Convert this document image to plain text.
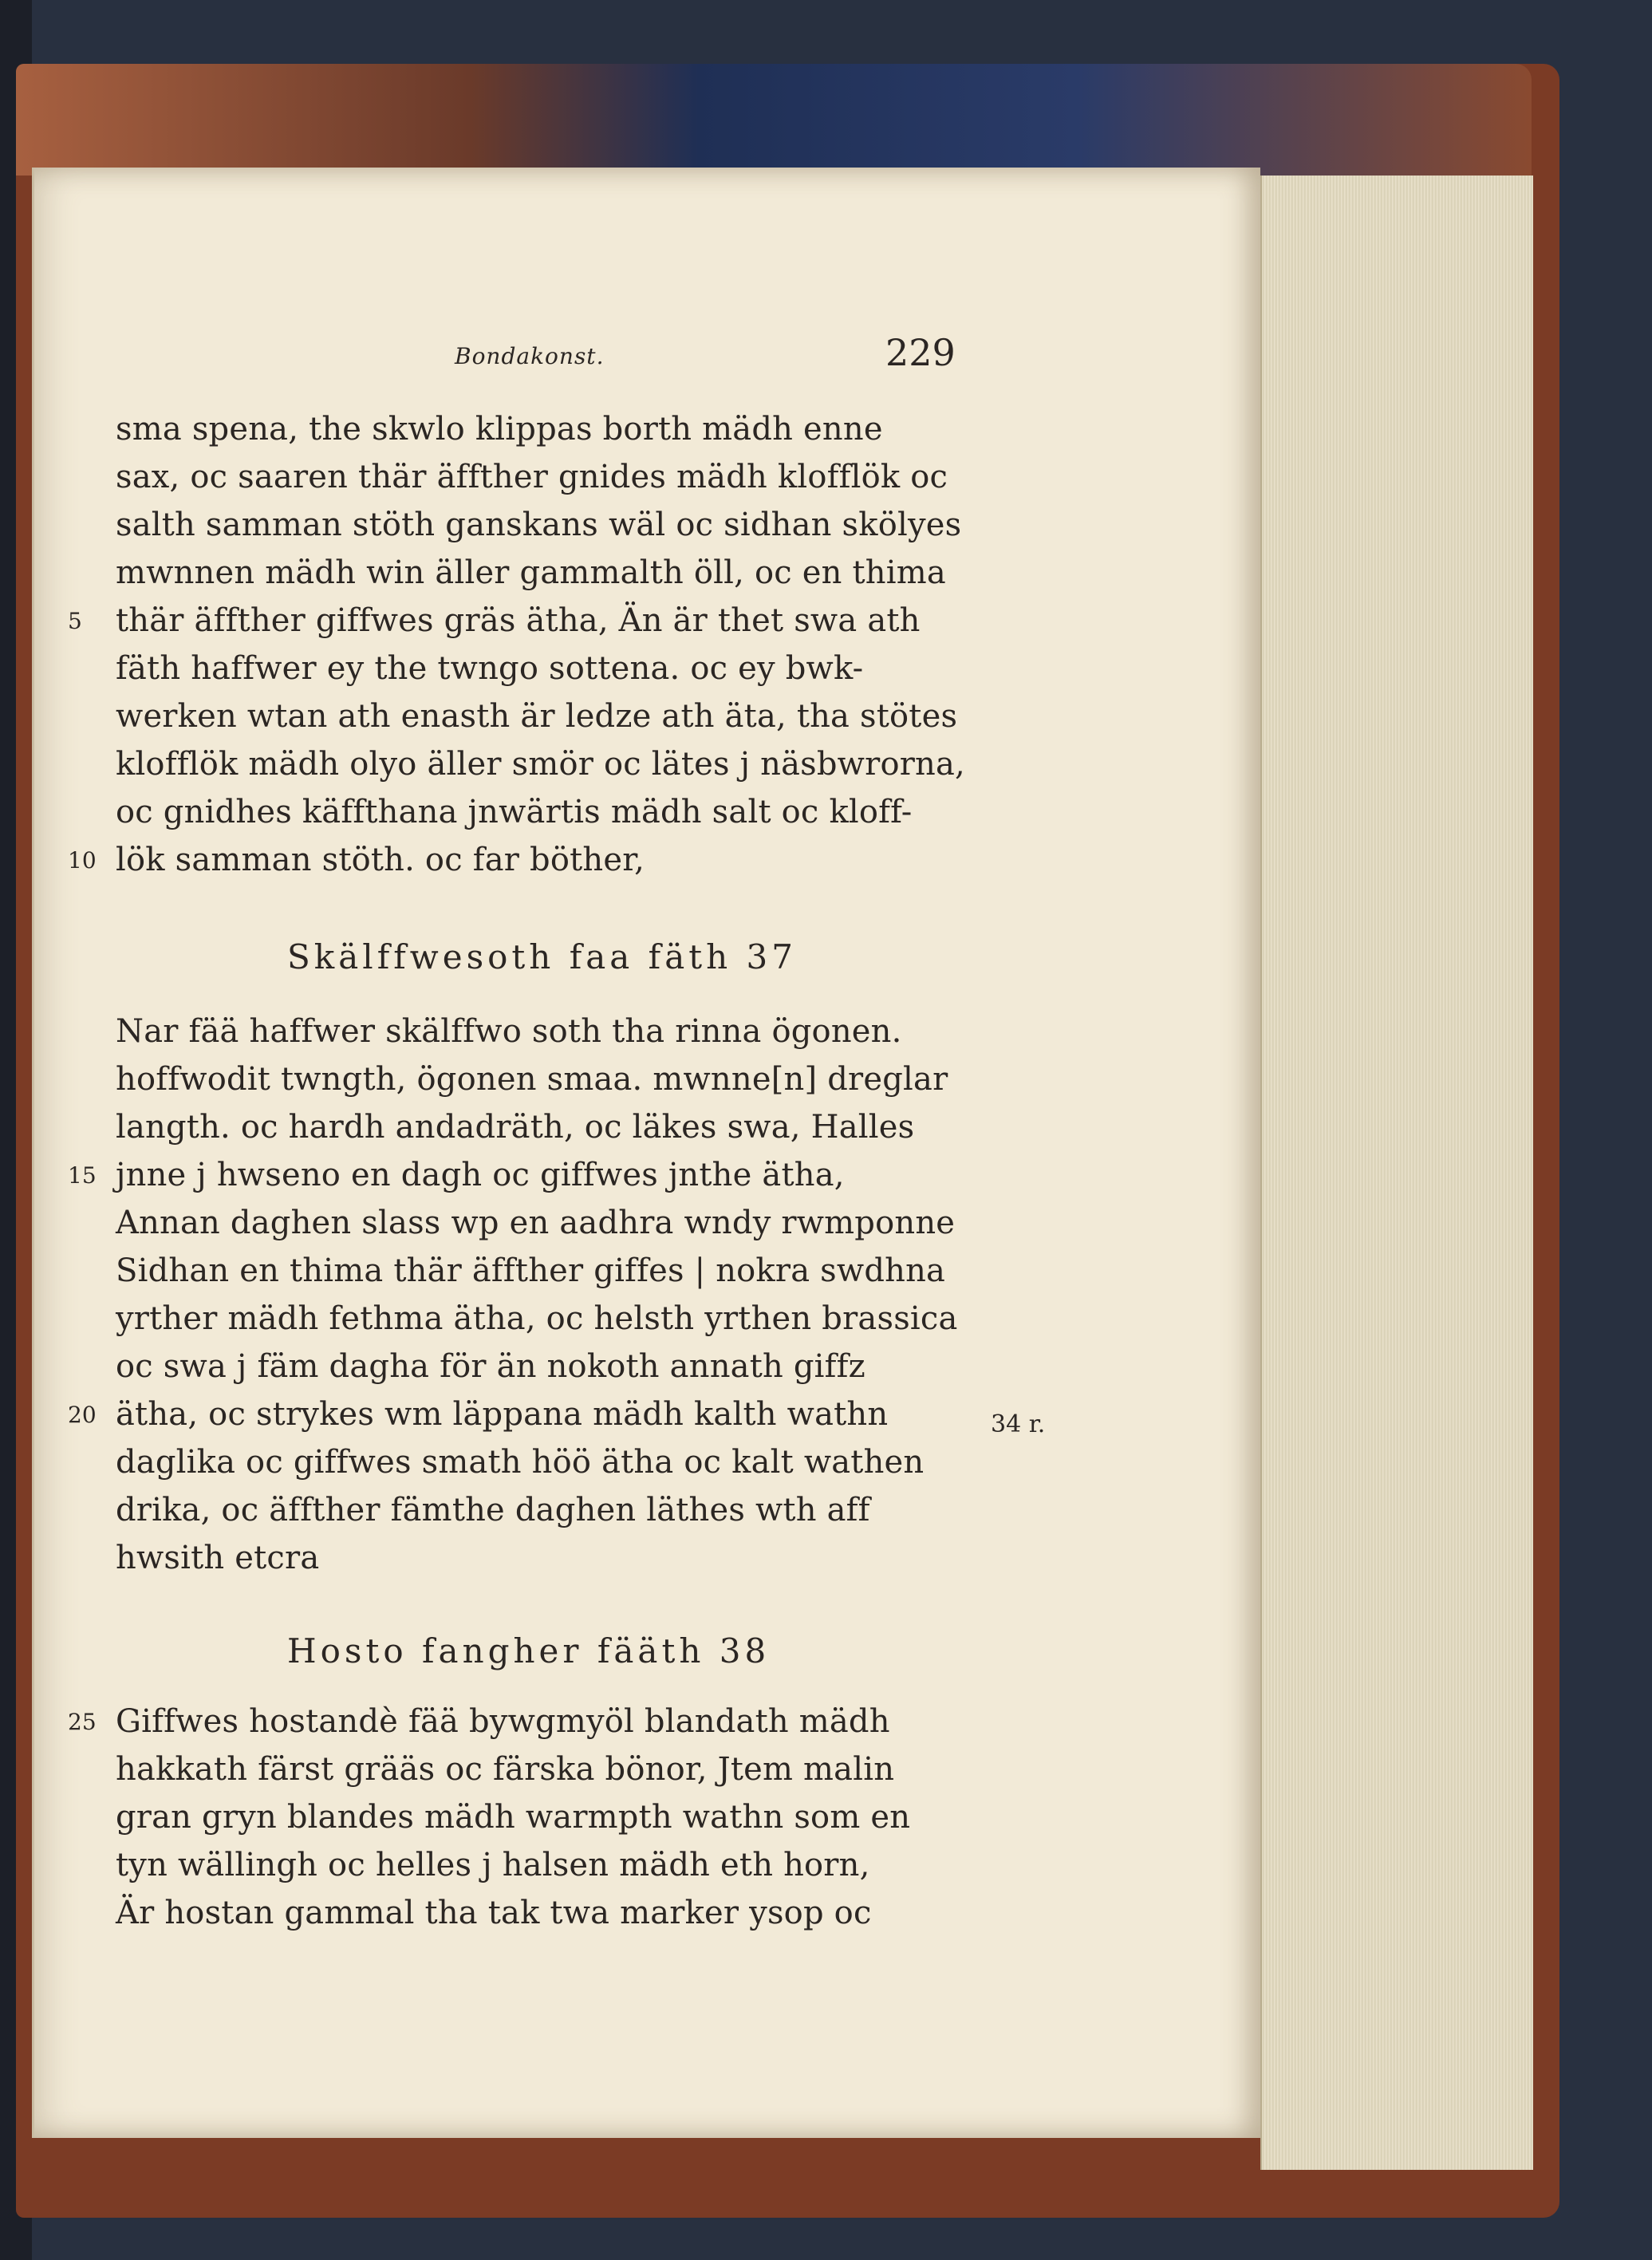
Bondakonst.	229
sma spena, the skwlo klippas borth mädh enne
sax, oc saaren thär äffther gnides mädh klofflök oc
salth samman stöth ganskans wäl oc sidhan skölyes
mwnnen mädh win äller gammalth öll, oc en thima
thär äffther giffwes gräs ätha, Än är thet swa ath
fäth haffwer ey the twngo sottena. oc ey bwk-
werken wtan ath enasth är ledze ath äta, tha stötes
klofflök mädh olyo äller smör oc lätes j näsbwrorna,
oc gnidhes käffthana jnwärtis mädh salt oc kloff-
lök samman stöth. oc far böther,
Skälffwesoth faa fäth 37
Nar fää haffwer skälffwo soth tha rinna ögonen.
hoffwodit twngth, ögonen smaa. mwnne[n] dreglar
langth. oc hardh andadräth, oc läkes swa, Halles
jnne j hwseno en dagh oc giffwes jnthe ätha,
Annan daghen slass wp en aadhra wndy rwmponne
Sidhan en thima thär äffther giffes | nokra swdhna
yrther mädh fethma ätha, oc helsth yrthen brassica
oc swa j fäm dagha för än nokoth annath giffz
ätha, oc strykes wm läppana mädh kalth wathn
daglika oc giffwes smath höö ätha oc kalt wathen
drika, oc äffther fämthe daghen läthes wth aff
hwsith etcra
Hosto fangher fääth 38
Giffwes hostandè fää bywgmyöl blandath mädh
hakkath färst grääs oc färska bönor, Jtem malin
gran gryn blandes mädh warmpth wathn som en
tyn wällingh oc helles j halsen mädh eth horn,
Är hostan gammal tha tak twa marker ysop oc
5
10
15
20
25
34 r.
